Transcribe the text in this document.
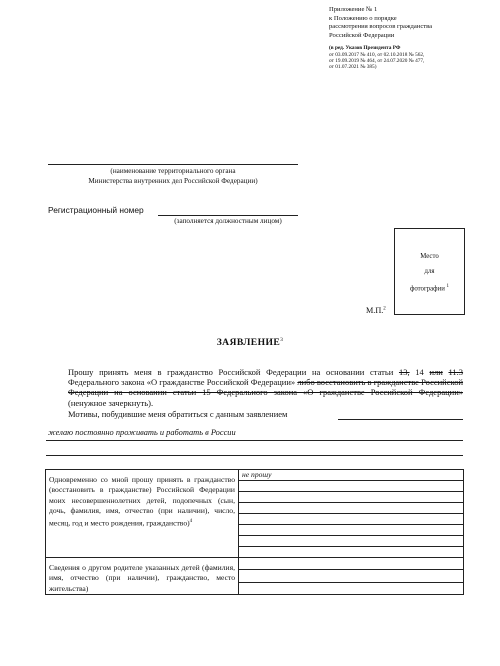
Приложение № 1
к Положению о порядке
рассмотрения вопросов гражданства
Российской Федерации
(в ред. Указов Президента РФ
от 03.09.2017 № 410, от 02.10.2018 № 562,
от 19.09.2019 № 464, от 24.07.2020 № 477,
от 01.07.2021 № 385)
(наименование территориального органа
Министерства внутренних дел Российской Федерации)
Регистрационный номер
(заполняется должностным лицом)
Место
для
фотографии $^1$
М.П.$^2$
ЗАЯВЛЕНИЕ$^3$
Прошу принять меня в гражданство Российской Федерации на основании статьи 13, 14 или 11.3 Федерального закона «О гражданстве Российской Федерации» либо восстановить в гражданстве Российской Федерации на основании статьи 15 Федерального закона «О гражданстве Российской Федерации» (ненужное зачеркнуть).
Мотивы, побудившие меня обратиться с данным заявлением
желаю постоянно проживать и работать в России
Одновременно со мной прошу принять в гражданство (восстановить в гражданстве) Российской Федерации моих несовершеннолетних детей, подопечных (сын, дочь, фамилия, имя, отчество (при наличии), число, месяц, год и место рождения, гражданство)$^4$	не прошу

Сведения о другом родителе указанных детей (фамилия, имя, отчество (при наличии), гражданство, место жительства)	
